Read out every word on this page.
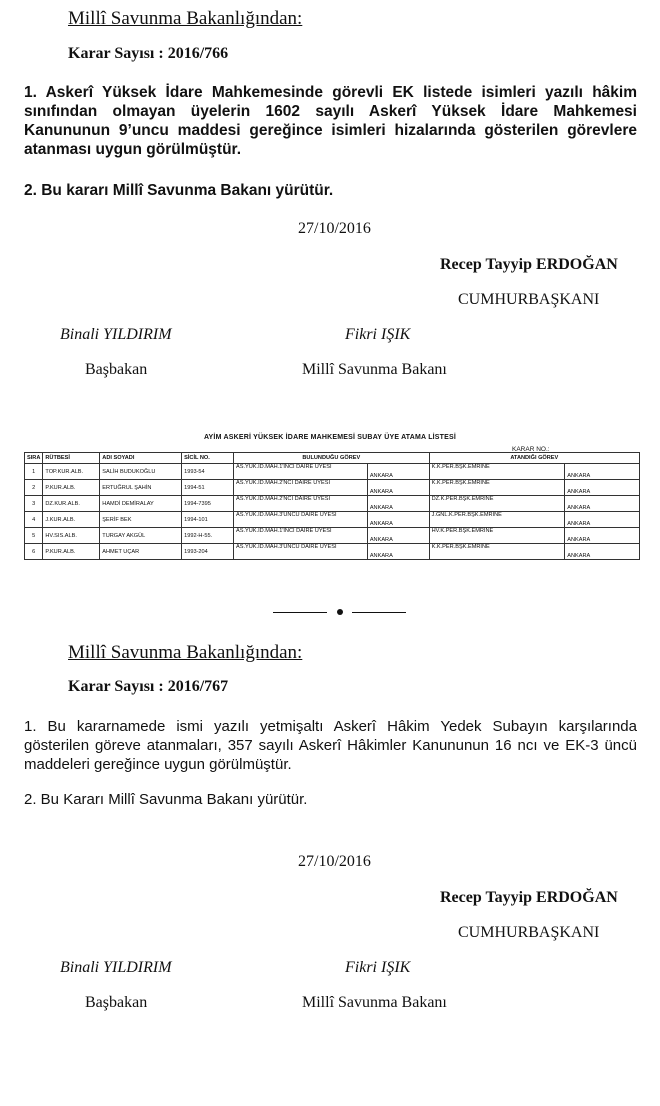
Millî Savunma Bakanlığından:
Karar Sayısı : 2016/766
1. Askerî Yüksek İdare Mahkemesinde görevli EK listede isimleri yazılı hâkim sınıfından olmayan üyelerin 1602 sayılı Askerî Yüksek İdare Mahkemesi Kanununun 9’uncu maddesi gereğince isimleri hizalarında gösterilen görevlere atanması uygun görülmüştür.
2. Bu kararı Millî Savunma Bakanı yürütür.
27/10/2016
Recep Tayyip ERDOĞAN
CUMHURBAŞKANI
Binali YILDIRIM	Fikri IŞIK
Başbakan	Millî Savunma Bakanı
AYİM ASKERİ YÜKSEK İDARE MAHKEMESİ SUBAY ÜYE ATAMA LİSTESİ
KARAR NO.:
SIRA	RÜTBESİ	ADI SOYADI	SİCİL NO.	BULUNDUĞU GÖREV		ATANDIĞI GÖREV	
1	TOP.KUR.ALB.	SALİH BUDUKOĞLU	1993-54	AS.YÜK.İD.MAH.1'İNCİ DAİRE ÜYESİ	ANKARA	K.K.PER.BŞK.EMRİNE	ANKARA
2	P.KUR.ALB.	ERTUĞRUL ŞAHİN	1994-51	AS.YÜK.İD.MAH.2'NCİ DAİRE ÜYESİ	ANKARA	K.K.PER.BŞK.EMRİNE	ANKARA
3	DZ.KUR.ALB.	HAMDİ DEMİRALAY	1994-7395	AS.YÜK.İD.MAH.2'NCİ DAİRE ÜYESİ	ANKARA	DZ.K.PER.BŞK.EMRİNE	ANKARA
4	J.KUR.ALB.	ŞERİF BEK	1994-101	AS.YÜK.İD.MAH.3'ÜNCÜ DAİRE ÜYESİ	ANKARA	J.GNL.K.PER.BŞK.EMRİNE	ANKARA
5	HV.SIS.ALB.	TURGAY AKGÜL	1992-H-55.	AS.YÜK.İD.MAH.1'İNCİ DAİRE ÜYESİ	ANKARA	HV.K.PER.BŞK.EMRİNE	ANKARA
6	P.KUR.ALB.	AHMET UÇAR	1993-204	AS.YÜK.İD.MAH.3'ÜNCÜ DAİRE ÜYESİ	ANKARA	K.K.PER.BŞK.EMRİNE	ANKARA
Millî Savunma Bakanlığından:
Karar Sayısı : 2016/767
1. Bu kararnamede ismi yazılı yetmişaltı Askerî Hâkim Yedek Subayın karşılarında gösterilen göreve atanmaları, 357 sayılı Askerî Hâkimler Kanununun 16 ncı ve EK-3 üncü maddeleri gereğince uygun görülmüştür.
2. Bu Kararı Millî Savunma Bakanı yürütür.
27/10/2016
Recep Tayyip ERDOĞAN
CUMHURBAŞKANI
Binali YILDIRIM	Fikri IŞIK
Başbakan	Millî Savunma Bakanı
